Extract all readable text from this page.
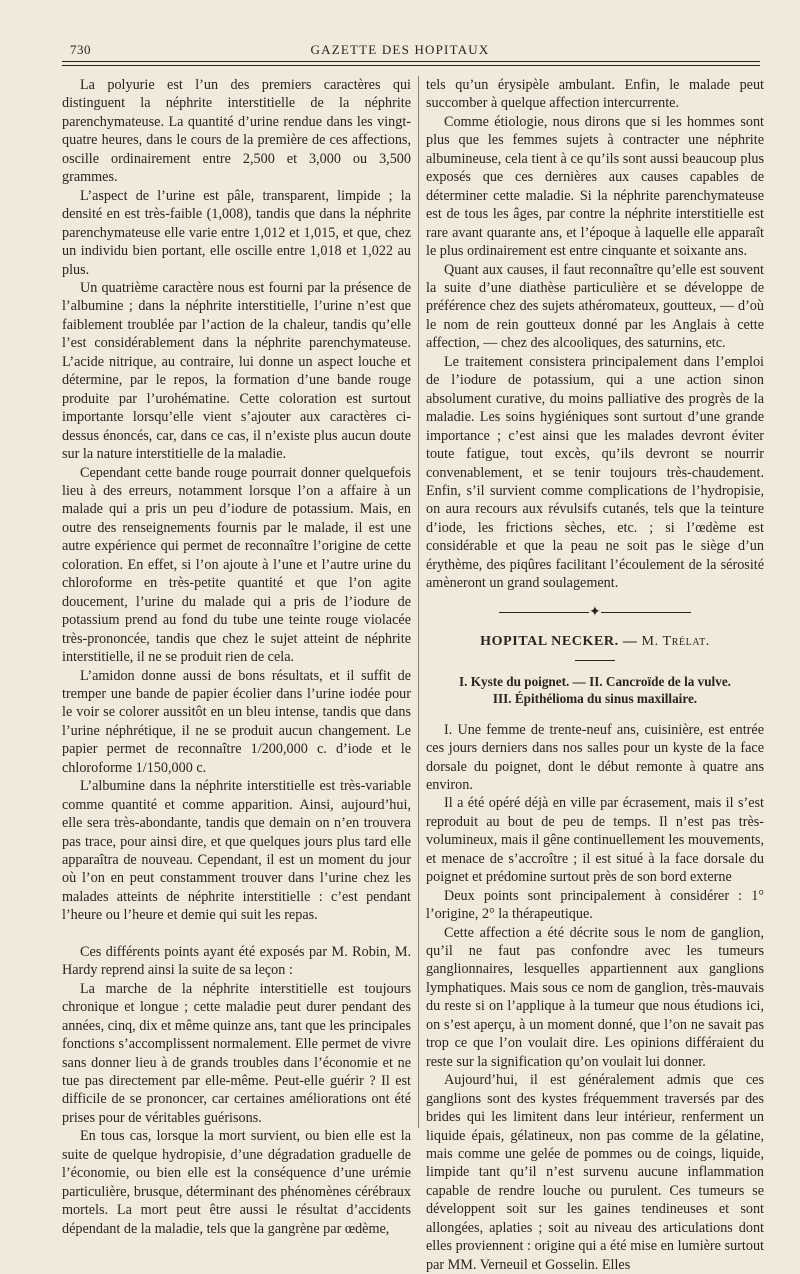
730	GAZETTE DES HOPITAUX

La polyurie est l’un des premiers caractères qui distinguent la néphrite interstitielle de la néphrite parenchymateuse. La quantité d’urine rendue dans les vingt-quatre heures, dans le cours de la première de ces affections, oscille ordinairement entre 2,500 et 3,000 ou 3,500 grammes.

L’aspect de l’urine est pâle, transparent, limpide ; la densité en est très-faible (1,008), tandis que dans la néphrite parenchymateuse elle varie entre 1,012 et 1,015, et que, chez un individu bien portant, elle oscille entre 1,018 et 1,022 au plus.

Un quatrième caractère nous est fourni par la présence de l’albumine ; dans la néphrite interstitielle, l’urine n’est que faiblement troublée par l’action de la chaleur, tandis qu’elle l’est considérablement dans la néphrite parenchymateuse. L’acide nitrique, au contraire, lui donne un aspect louche et détermine, par le repos, la formation d’une bande rouge produite par l’urohématine. Cette coloration est surtout importante lorsqu’elle vient s’ajouter aux caractères ci-dessus énoncés, car, dans ce cas, il n’existe plus aucun doute sur la nature interstitielle de la maladie.

Cependant cette bande rouge pourrait donner quelquefois lieu à des erreurs, notamment lorsque l’on a affaire à un malade qui a pris un peu d’iodure de potassium. Mais, en outre des renseignements fournis par le malade, il est une autre expérience qui permet de reconnaître l’origine de cette coloration. En effet, si l’on ajoute à l’une et l’autre urine du chloroforme en très-petite quantité et que l’on agite doucement, l’urine du malade qui a pris de l’iodure de potassium prend au fond du tube une teinte rouge violacée très-prononcée, tandis que chez le sujet atteint de néphrite interstitielle, il ne se produit rien de cela.

L’amidon donne aussi de bons résultats, et il suffit de tremper une bande de papier écolier dans l’urine iodée pour le voir se colorer aussitôt en un bleu intense, tandis que dans l’urine néphrétique, il ne se produit aucun changement. Le papier permet de reconnaître 1/200,000 c. d’iode et le chloroforme 1/150,000 c.

L’albumine dans la néphrite interstitielle est très-variable comme quantité et comme apparition. Ainsi, aujourd’hui, elle sera très-abondante, tandis que demain on n’en trouvera pas trace, pour ainsi dire, et que quelques jours plus tard elle apparaîtra de nouveau. Cependant, il est un moment du jour où l’on en peut constamment trouver dans l’urine chez les malades atteints de néphrite interstitielle : c’est pendant l’heure ou l’heure et demie qui suit les repas.

Ces différents points ayant été exposés par M. Robin, M. Hardy reprend ainsi la suite de sa leçon :

La marche de la néphrite interstitielle est toujours chronique et longue ; cette maladie peut durer pendant des années, cinq, dix et même quinze ans, tant que les principales fonctions s’accomplissent normalement. Elle permet de vivre sans donner lieu à de grands troubles dans l’économie et ne tue pas directement par elle-même. Peut-elle guérir ? Il est difficile de se prononcer, car certaines améliorations ont été prises pour de véritables guérisons.

En tous cas, lorsque la mort survient, ou bien elle est la suite de quelque hydropisie, d’une dégradation graduelle de l’économie, ou bien elle est la conséquence d’une urémie particulière, brusque, déterminant des phénomènes cérébraux mortels. La mort peut être aussi le résultat d’accidents dépendant de la maladie, tels que la gangrène par œdème,

tels qu’un érysipèle ambulant. Enfin, le malade peut succomber à quelque affection intercurrente.

Comme étiologie, nous dirons que si les hommes sont plus que les femmes sujets à contracter une néphrite albumineuse, cela tient à ce qu’ils sont aussi beaucoup plus exposés que ces dernières aux causes capables de déterminer cette maladie. Si la néphrite parenchymateuse est de tous les âges, par contre la néphrite interstitielle est rare avant quarante ans, et l’époque à laquelle elle apparaît le plus ordinairement est entre cinquante et soixante ans.

Quant aux causes, il faut reconnaître qu’elle est souvent la suite d’une diathèse particulière et se développe de préférence chez des sujets athéromateux, goutteux, — d’où le nom de rein goutteux donné par les Anglais à cette affection, — chez des alcooliques, des saturnins, etc.

Le traitement consistera principalement dans l’emploi de l’iodure de potassium, qui a une action sinon absolument curative, du moins palliative des progrès de la maladie. Les soins hygiéniques sont surtout d’une grande importance ; c’est ainsi que les malades devront éviter toute fatigue, tout excès, qu’ils devront se nourrir convenablement, et se tenir toujours très-chaudement. Enfin, s’il survient comme complications de l’hydropisie, on aura recours aux révulsifs cutanés, tels que la teinture d’iode, les frictions sèches, etc. ; si l’œdème est considérable et que la peau ne soit pas le siège d’un érythème, des piqûres facilitant l’écoulement de la sérosité amèneront un grand soulagement.

✦
HOPITAL NECKER. — M. Trélat.
I. Kyste du poignet. — II. Cancroïde de la vulve.
III. Épithélioma du sinus maxillaire.

I. Une femme de trente-neuf ans, cuisinière, est entrée ces jours derniers dans nos salles pour un kyste de la face dorsale du poignet, dont le début remonte à quatre ans environ.

Il a été opéré déjà en ville par écrasement, mais il s’est reproduit au bout de peu de temps. Il n’est pas très-volumineux, mais il gêne continuellement les mouvements, et menace de s’accroître ; il est situé à la face dorsale du poignet et prédomine surtout près de son bord externe

Deux points sont principalement à considérer : 1° l’origine, 2° la thérapeutique.

Cette affection a été décrite sous le nom de ganglion, qu’il ne faut pas confondre avec les tumeurs ganglionnaires, lesquelles appartiennent aux ganglions lymphatiques. Mais sous ce nom de ganglion, très-mauvais du reste si on l’applique à la tumeur que nous étudions ici, on s’est aperçu, à un moment donné, que l’on ne savait pas trop ce que l’on voulait dire. Les opinions différaient du reste sur la signification qu’on voulait lui donner.

Aujourd’hui, il est généralement admis que ces ganglions sont des kystes fréquemment traversés par des brides qui les limitent dans leur intérieur, renferment un liquide épais, gélatineux, non pas comme de la gélatine, mais comme une gelée de pommes ou de coings, liquide, limpide tant qu’il n’est survenu aucune inflammation capable de rendre louche ou purulent. Ces tumeurs se développent soit sur les gaines tendineuses et sont allongées, aplaties ; soit au niveau des articulations dont elles proviennent : origine qui a été mise en lumière surtout par MM. Verneuil et Gosselin. Elles
